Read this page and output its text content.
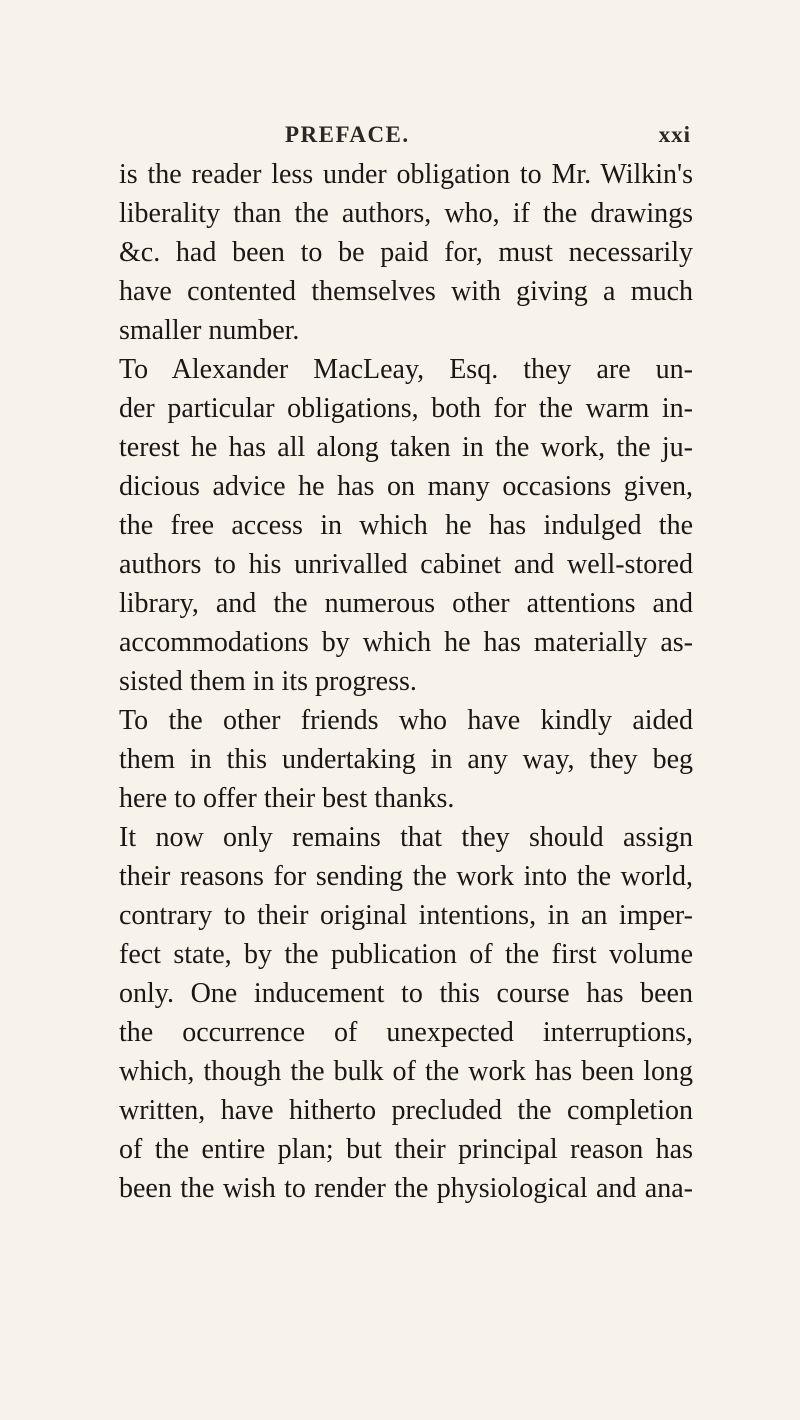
PREFACE.	xxi
is the reader less under obligation to Mr. Wilkin's
liberality than the authors, who, if the drawings
&c. had been to be paid for, must necessarily
have contented themselves with giving a much
smaller number.
To Alexander MacLeay, Esq. they are un-
der particular obligations, both for the warm in-
terest he has all along taken in the work, the ju-
dicious advice he has on many occasions given,
the free access in which he has indulged the
authors to his unrivalled cabinet and well-stored
library, and the numerous other attentions and
accommodations by which he has materially as-
sisted them in its progress.
To the other friends who have kindly aided
them in this undertaking in any way, they beg
here to offer their best thanks.
It now only remains that they should assign
their reasons for sending the work into the world,
contrary to their original intentions, in an imper-
fect state, by the publication of the first volume
only. One inducement to this course has been
the occurrence of unexpected interruptions,
which, though the bulk of the work has been long
written, have hitherto precluded the completion
of the entire plan; but their principal reason has
been the wish to render the physiological and ana-
